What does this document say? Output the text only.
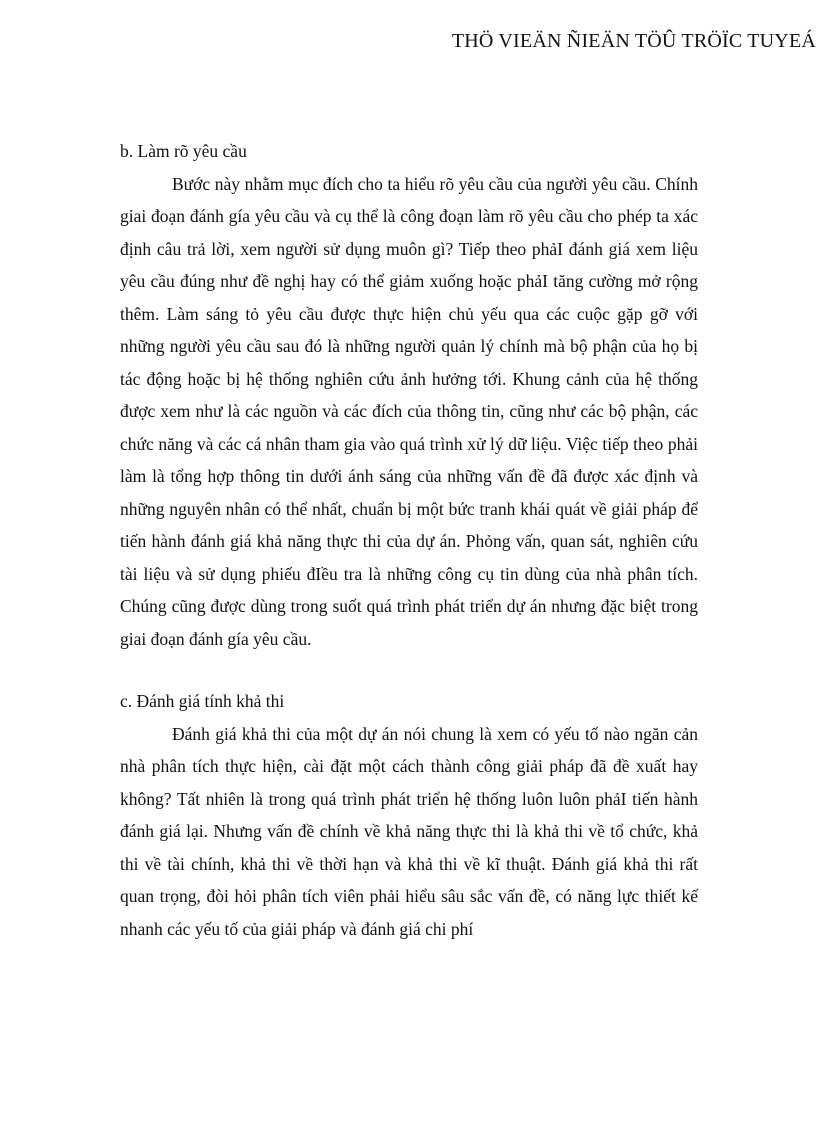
THÖ VIEÄN ÑIEÄN TÖÛ TRÖÏC TUYEÁ
b. Làm rõ yêu cầu
Bước này nhằm mục đích cho ta hiểu rõ yêu cầu của người yêu cầu. Chính giai đoạn đánh gía yêu cầu và cụ thể là công đoạn làm rõ yêu cầu cho phép ta xác định câu trả lời, xem người sử dụng muôn gì? Tiếp theo phảI đánh giá xem liệu yêu cầu đúng như đề nghị hay có thể giảm xuống hoặc phảI tăng cường mở rộng thêm. Làm sáng tỏ yêu cầu được thực hiện chủ yếu qua các cuộc gặp gỡ với những người yêu cầu sau đó là những người quản lý chính mà bộ phận của họ bị tác động hoặc bị hệ thống nghiên cứu ảnh hưởng tới. Khung cảnh của hệ thống được xem như là các nguồn và các đích của thông tin, cũng như các bộ phận, các chức năng và các cá nhân tham gia vào quá trình xử lý dữ liệu. Việc tiếp theo phải làm là tổng hợp thông tin dưới ánh sáng của những vấn đề đã được xác định và những nguyên nhân có thể nhất, chuẩn bị một bức tranh khái quát về giải pháp để tiến hành đánh giá khả năng thực thi của dự án. Phỏng vấn, quan sát, nghiên cứu tài liệu và sử dụng phiếu đIều tra là những công cụ tin dùng của nhà phân tích. Chúng cũng được dùng trong suốt quá trình phát triển dự án nhưng đặc biệt trong giai đoạn đánh gía yêu cầu.
c. Đánh giá tính khả thi
Đánh giá khả thi của một dự án nói chung là xem có yếu tố nào ngăn cản nhà phân tích thực hiện, cài đặt một cách thành công giải pháp đã đề xuất hay không? Tất nhiên là trong quá trình phát triển hệ thống luôn luôn phảI tiến hành đánh giá lại. Nhưng vấn đề chính về khả năng thực thi là khả thi về tổ chức, khả thi về tài chính, khả thi về thời hạn và khả thi về kĩ thuật. Đánh giá khả thi rất quan trọng, đòi hỏi phân tích viên phải hiểu sâu sắc vấn đề, có năng lực thiết kế nhanh các yếu tố của giải pháp và đánh giá chi phí
